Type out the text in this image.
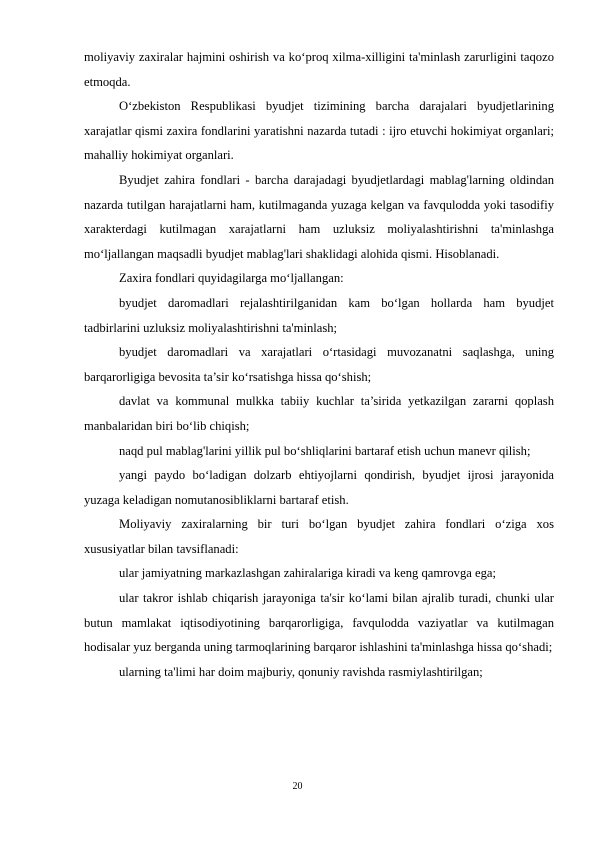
moliyaviy zaxiralar hajmini oshirish va ko‘proq xilma-xilligini ta'minlash zarurligini taqozo etmoqda.

O‘zbekiston Respublikasi byudjet tizimining barcha darajalari byudjetlarining xarajatlar qismi zaxira fondlarini yaratishni nazarda tutadi : ijro etuvchi hokimiyat organlari; mahalliy hokimiyat organlari.

Byudjet zahira fondlari - barcha darajadagi byudjetlardagi mablag'larning oldindan nazarda tutilgan harajatlarni ham, kutilmaganda yuzaga kelgan va favqulodda yoki tasodifiy xarakterdagi kutilmagan xarajatlarni ham uzluksiz moliyalashtirishni ta'minlashga mo‘ljallangan maqsadli byudjet mablag'lari shaklidagi alohida qismi. Hisoblanadi.

Zaxira fondlari quyidagilarga mo‘ljallangan:

byudjet daromadlari rejalashtirilganidan kam bo‘lgan hollarda ham byudjet tadbirlarini uzluksiz moliyalashtirishni ta'minlash;

byudjet daromadlari va xarajatlari o‘rtasidagi muvozanatni saqlashga, uning barqarorligiga bevosita ta’sir ko‘rsatishga hissa qo‘shish;

davlat va kommunal mulkka tabiiy kuchlar ta’sirida yetkazilgan zararni qoplash manbalaridan biri bo‘lib chiqish;

naqd pul mablag'larini yillik pul bo‘shliqlarini bartaraf etish uchun manevr qilish;

yangi paydo bo‘ladigan dolzarb ehtiyojlarni qondirish, byudjet ijrosi jarayonida yuzaga keladigan nomutanosibliklarni bartaraf etish.

Moliyaviy zaxiralarning bir turi bo‘lgan byudjet zahira fondlari o‘ziga xos xususiyatlar bilan tavsiflanadi:

ular jamiyatning markazlashgan zahiralariga kiradi va keng qamrovga ega;

ular takror ishlab chiqarish jarayoniga ta'sir ko‘lami bilan ajralib turadi, chunki ular butun mamlakat iqtisodiyotining barqarorligiga, favqulodda vaziyatlar va kutilmagan hodisalar yuz berganda uning tarmoqlarining barqaror ishlashini ta'minlashga hissa qo‘shadi;

ularning ta'limi har doim majburiy, qonuniy ravishda rasmiylashtirilgan;

20
